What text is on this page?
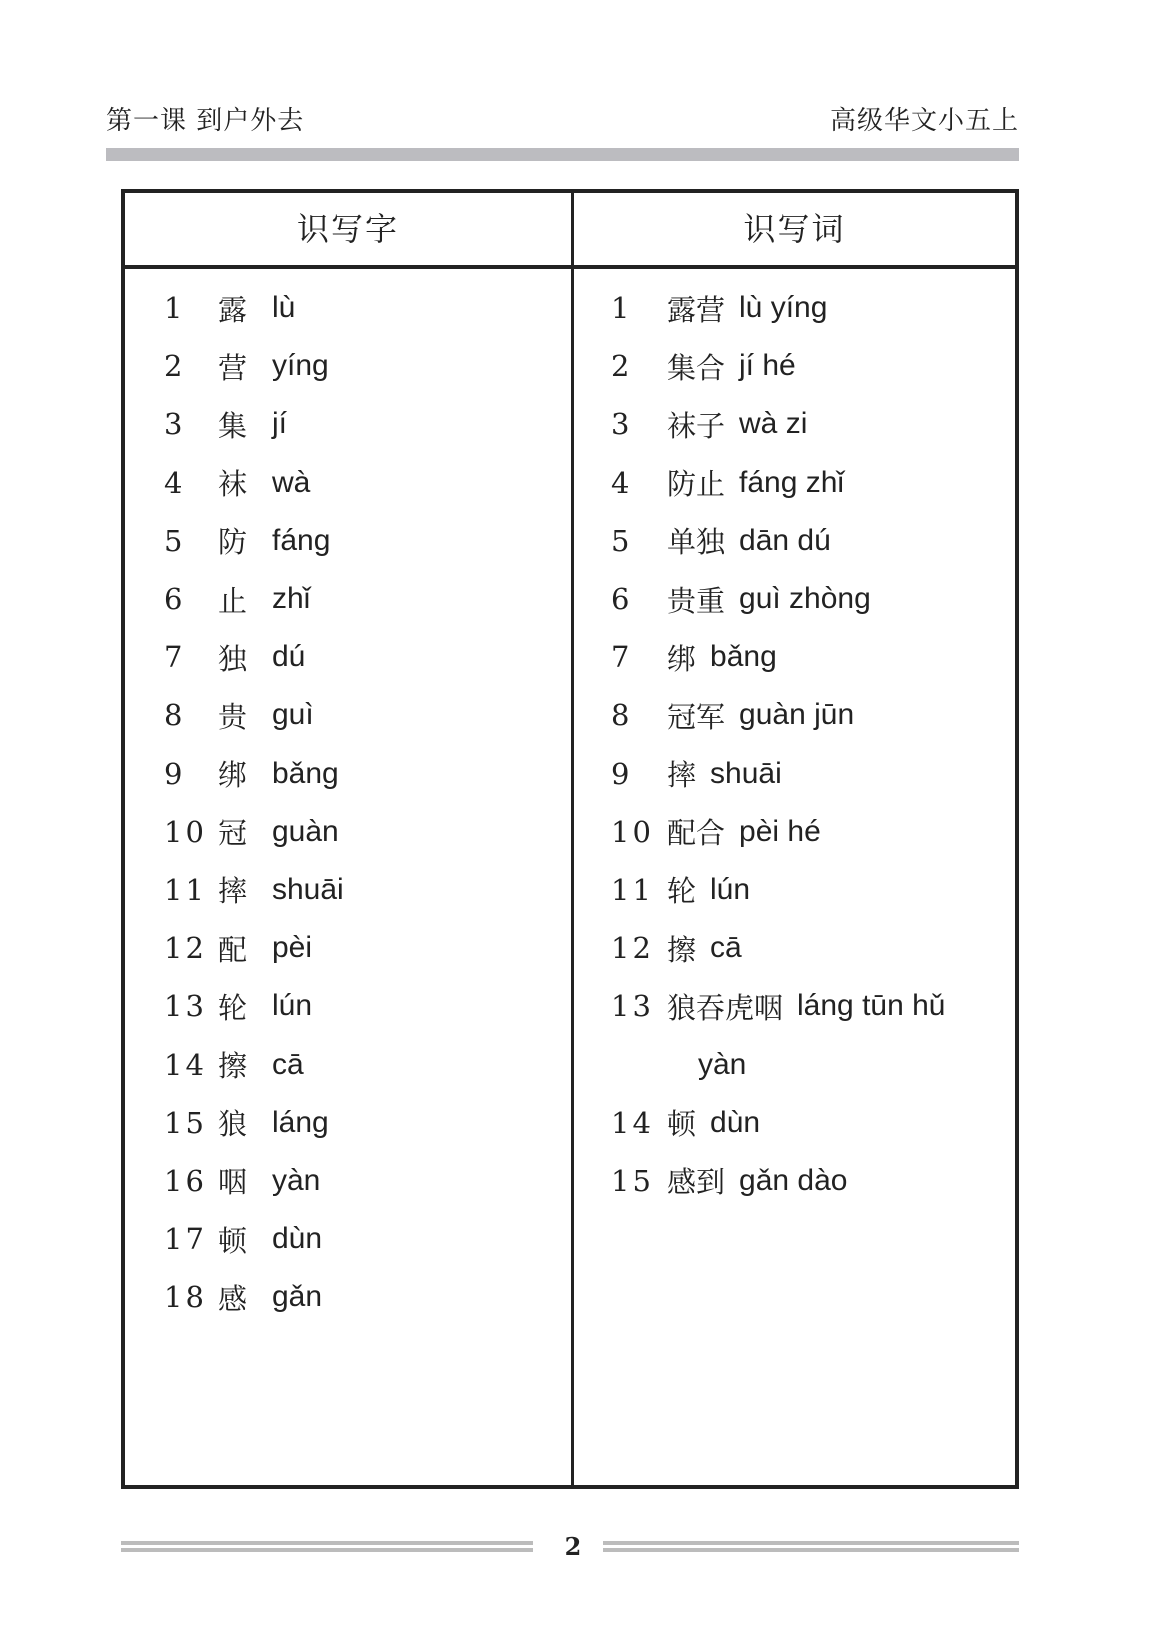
第一课 到户外去	高级华文小五上
识写字	识写词
1	露 lù
2	营 yíng
3	集 jí
4	袜 wà
5	防 fáng
6	止 zhǐ
7	独 dú
8	贵 guì
9	绑 bǎng
10 冠 guàn
11 摔 shuāi
12 配 pèi
13 轮 lún
14 擦 cā
15 狼 láng
16 咽 yàn
17 顿 dùn
18 感 gǎn
1	露营 lù yíng
2	集合 jí hé
3	袜子 wà zi
4	防止 fáng zhǐ
5	单独 dān dú
6	贵重 guì zhòng
7	绑 bǎng
8	冠军 guàn jūn
9	摔 shuāi
10 配合 pèi hé
11 轮 lún
12 擦 cā
13 狼吞虎咽 láng tūn hǔ
yàn
14 顿 dùn
15 感到 gǎn dào
2
